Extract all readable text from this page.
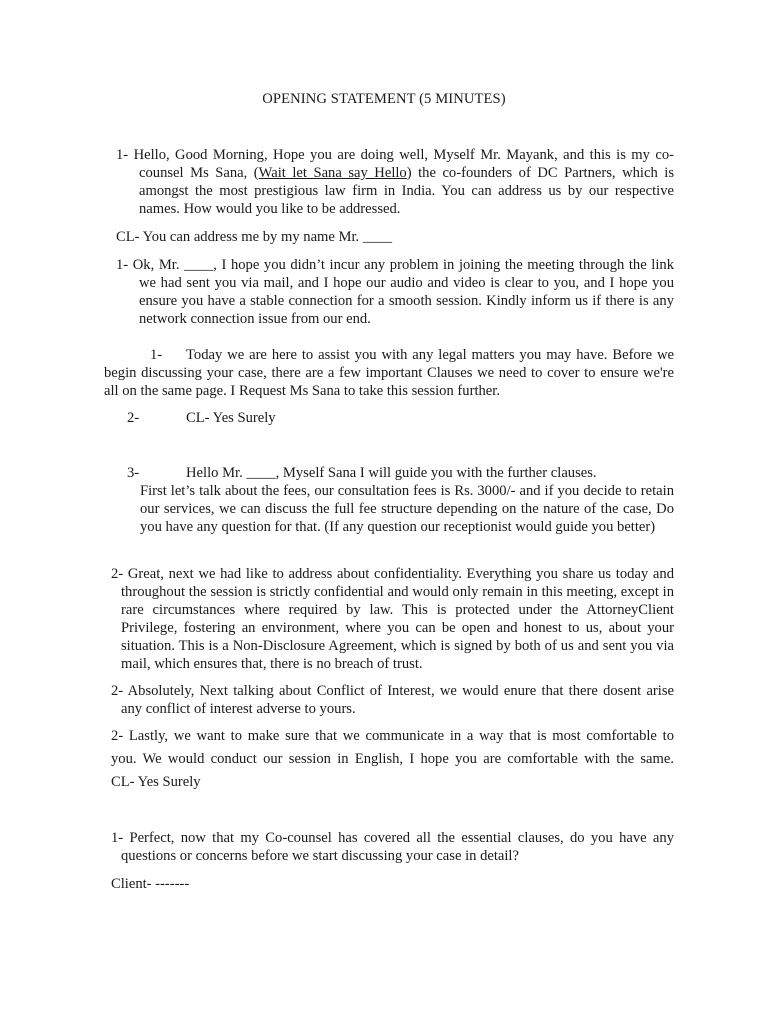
OPENING STATEMENT (5 MINUTES)

1- Hello, Good Morning, Hope you are doing well, Myself Mr. Mayank, and this is my co- counsel Ms Sana, (Wait let Sana say Hello) the co-founders of DC Partners, which is amongst the most prestigious law firm in India. You can address us by our respective names. How would you like to be addressed.

CL- You can address me by my name Mr. ____

1- Ok, Mr. ____, I hope you didn’t incur any problem in joining the meeting through the link we had sent you via mail, and I hope our audio and video is clear to you, and I hope you ensure you have a stable connection for a smooth session. Kindly inform us if there is any network connection issue from our end.

1- Today we are here to assist you with any legal matters you may have. Before we begin discussing your case, there are a few important Clauses we need to cover to ensure we're all on the same page. I Request Ms Sana to take this session further.

2-	CL- Yes Surely
3-	Hello Mr. ____, Myself Sana I will guide you with the further clauses.

First let’s talk about the fees, our consultation fees is Rs. 3000/- and if you decide to retain our services, we can discuss the full fee structure depending on the nature of the case, Do you have any question for that. (If any question our receptionist would guide you better)

2- Great, next we had like to address about confidentiality. Everything you share us today and throughout the session is strictly confidential and would only remain in this meeting, except in rare circumstances where required by law. This is protected under the AttorneyClient Privilege, fostering an environment, where you can be open and honest to us, about your situation. This is a Non-Disclosure Agreement, which is signed by both of us and sent you via mail, which ensures that, there is no breach of trust.

2- Absolutely, Next talking about Conflict of Interest, we would enure that there dosent arise any conflict of interest adverse to yours.

2- Lastly, we want to make sure that we communicate in a way that is most comfortable to
you. We would conduct our session in English, I hope you are comfortable with the same.
CL- Yes Surely

1- Perfect, now that my Co-counsel has covered all the essential clauses, do you have any questions or concerns before we start discussing your case in detail?

Client- -------
